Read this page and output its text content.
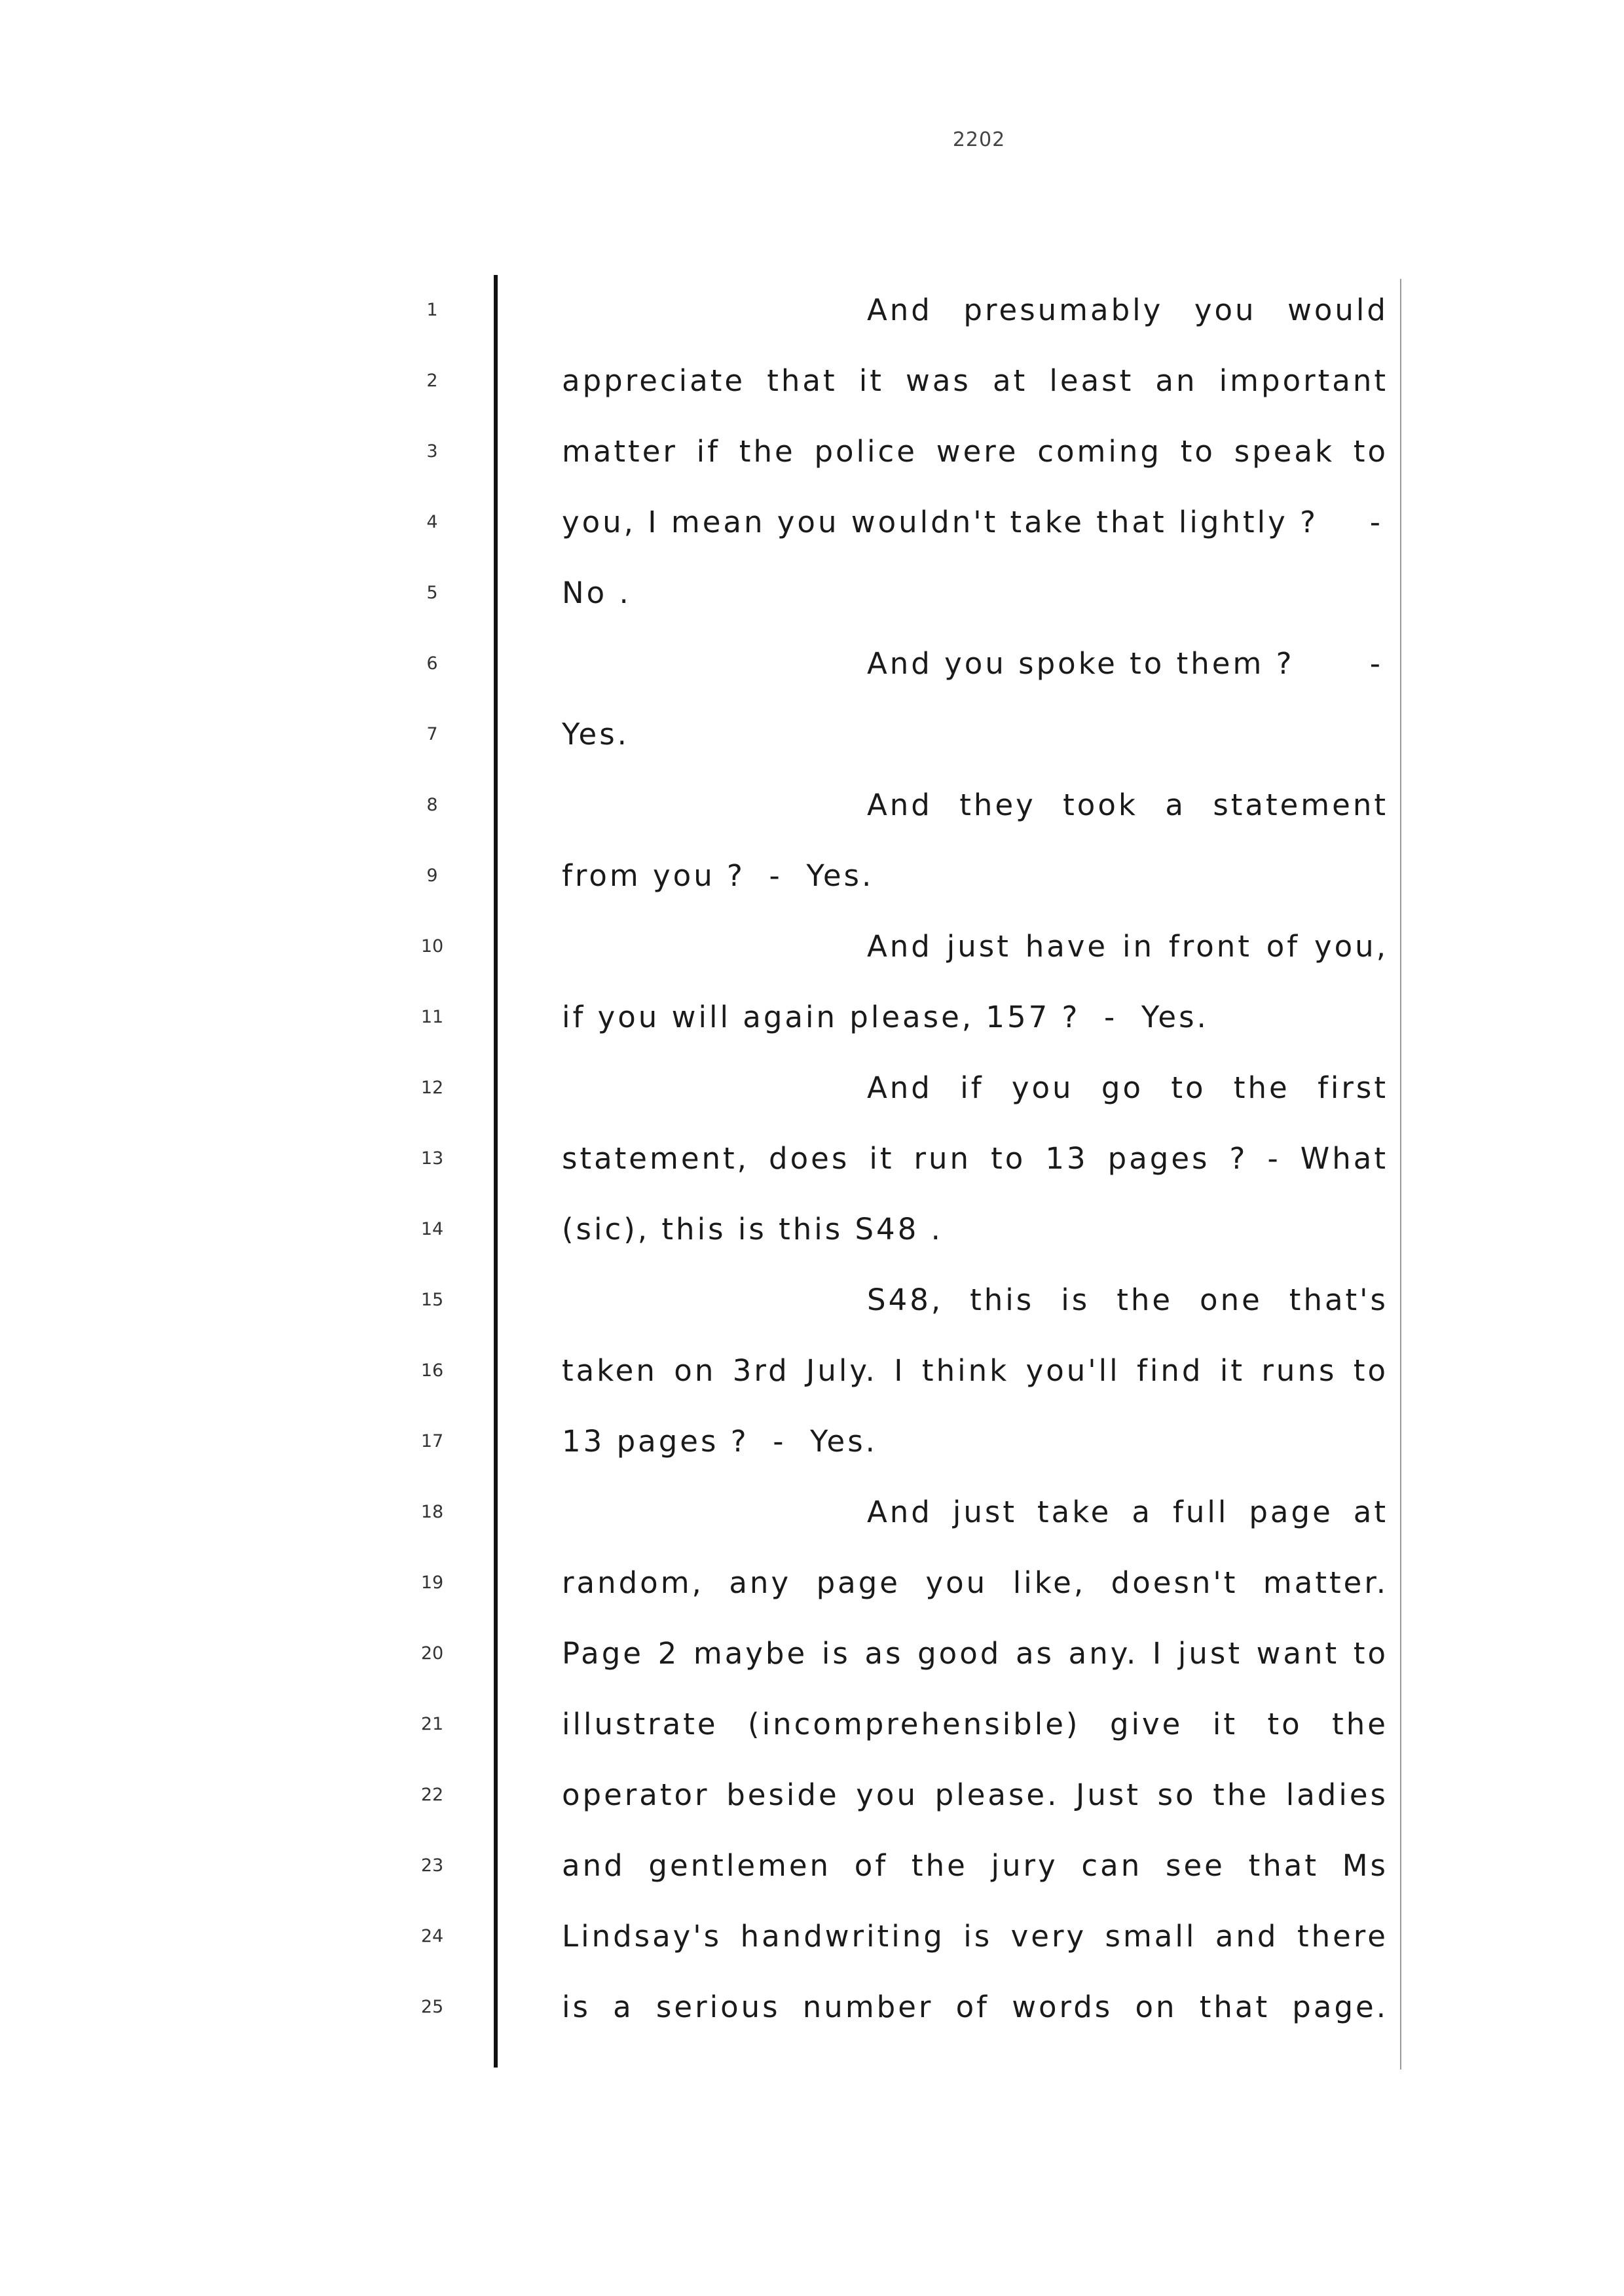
2202
1
2
3
4
5
6
7
8
9
10
11
12
13
14
15
16
17
18
19
20
21
22
23
24
25
And presumably you would
appreciate that it was at least an important
matter if the police were coming to speak to
you, I mean you wouldn't take that lightly ? -
No .
And you spoke to them ?	-
Yes.
And they took a statement
from you ?  -  Yes.
And just have in front of you,
if you will again please, 157 ?  -  Yes.
And if you go to the first
statement, does it run to 13 pages ? - What
(sic), this is this S48 .
S48, this is the one that's
taken on 3rd July. I think you'll find it runs to
13 pages ?  -  Yes.
And just take a full page at
random, any page you like, doesn't matter.
Page 2 maybe is as good as any. I just want to
illustrate (incomprehensible) give it to the
operator beside you please. Just so the ladies
and gentlemen of the jury can see that Ms
Lindsay's handwriting is very small and there
is a serious number of words on that page.
